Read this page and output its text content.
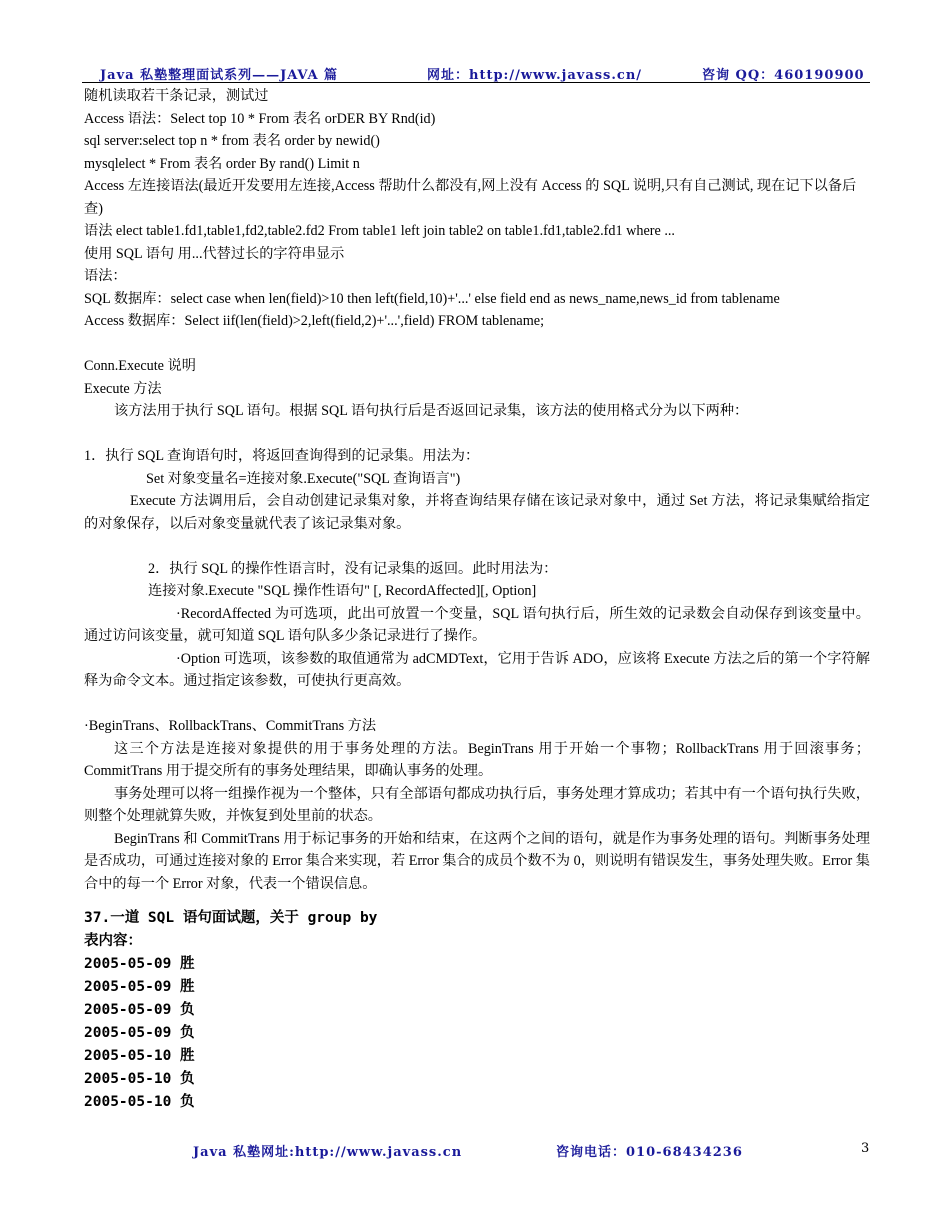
Java 私塾整理面试系列——JAVA 篇	网址：http://www.javass.cn/	咨询 QQ：460190900

随机读取若干条记录，测试过

Access 语法：Select top 10 * From 表名 orDER BY Rnd(id)

sql server:select top n * from 表名 order by newid()

mysqlelect * From 表名 order By rand() Limit n

Access 左连接语法(最近开发要用左连接,Access 帮助什么都没有,网上没有 Access 的 SQL 说明,只有自己测试, 现在记下以备后查)

语法 elect table1.fd1,table1,fd2,table2.fd2 From table1 left join table2 on table1.fd1,table2.fd1 where ...

使用 SQL 语句 用...代替过长的字符串显示

语法：

SQL 数据库：select case when len(field)>10 then left(field,10)+'...' else field end as news_name,news_id from tablename

Access 数据库：Select iif(len(field)>2,left(field,2)+'...',field) FROM tablename;

Conn.Execute 说明

Execute 方法

该方法用于执行 SQL 语句。根据 SQL 语句执行后是否返回记录集，该方法的使用格式分为以下两种：

1．执行 SQL 查询语句时，将返回查询得到的记录集。用法为：

Set 对象变量名=连接对象.Execute("SQL 查询语言")

Execute 方法调用后，会自动创建记录集对象，并将查询结果存储在该记录对象中，通过 Set 方法，将记录集赋给指定的对象保存，以后对象变量就代表了该记录集对象。

2．执行 SQL 的操作性语言时，没有记录集的返回。此时用法为：

连接对象.Execute "SQL 操作性语句" [, RecordAffected][, Option]

·RecordAffected 为可选项，此出可放置一个变量，SQL 语句执行后，所生效的记录数会自动保存到该变量中。通过访问该变量，就可知道 SQL 语句队多少条记录进行了操作。

·Option 可选项，该参数的取值通常为 adCMDText，它用于告诉 ADO，应该将 Execute 方法之后的第一个字符解释为命令文本。通过指定该参数，可使执行更高效。

·BeginTrans、RollbackTrans、CommitTrans 方法

这三个方法是连接对象提供的用于事务处理的方法。BeginTrans 用于开始一个事物；RollbackTrans 用于回滚事务；CommitTrans 用于提交所有的事务处理结果，即确认事务的处理。

事务处理可以将一组操作视为一个整体，只有全部语句都成功执行后，事务处理才算成功；若其中有一个语句执行失败，则整个处理就算失败，并恢复到处里前的状态。

BeginTrans 和 CommitTrans 用于标记事务的开始和结束，在这两个之间的语句，就是作为事务处理的语句。判断事务处理是否成功，可通过连接对象的 Error 集合来实现，若 Error 集合的成员个数不为 0，则说明有错误发生，事务处理失败。Error 集合中的每一个 Error 对象，代表一个错误信息。

37.一道 SQL 语句面试题，关于 group by

表内容：

2005-05-09 胜

2005-05-09 胜

2005-05-09 负

2005-05-09 负

2005-05-10 胜

2005-05-10 负

2005-05-10 负

Java 私塾网址:http://www.javass.cn	咨询电话：010-68434236	3
